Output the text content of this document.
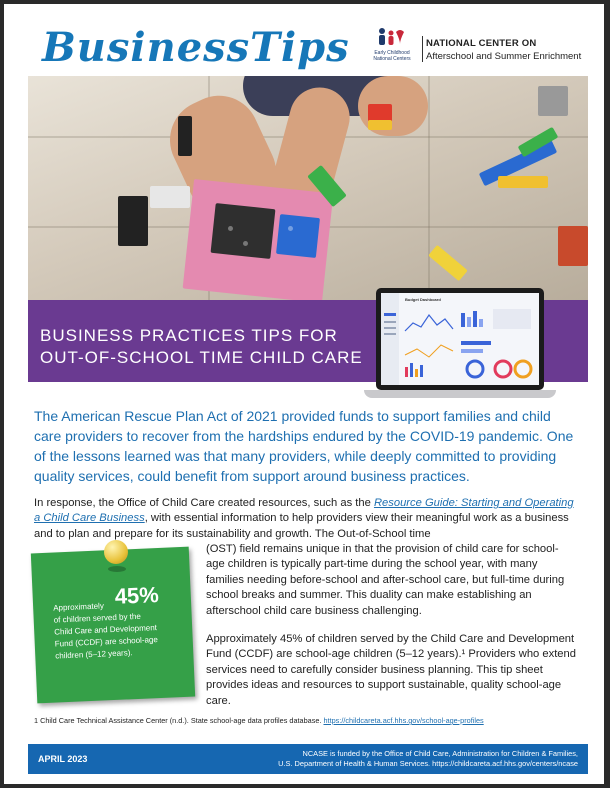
BusinessTips	Early Childhood
National Centers
NATIONAL CENTER ON
Afterschool and Summer Enrichment
BUSINESS PRACTICES TIPS FOR
OUT-OF-SCHOOL TIME CHILD CARE
Budget Dashboard

The American Rescue Plan Act of 2021 provided funds to support families and child care providers to recover from the hardships endured by the COVID-19 pandemic. One of the lessons learned was that many providers, while deeply committed to providing quality services, could benefit from support around business practices.

In response, the Office of Child Care created resources, such as the Resource Guide: Starting and Operating a Child Care Business, with essential information to help providers view their meaningful work as a business and to plan and prepare for its sustainability and growth. The Out-of-School time

(OST) field remains unique in that the provision of child care for school-age children is typically part-time during the school year, with many families needing before-school and after-school care, but full-time during school breaks and summer. This duality can make establishing an afterschool child care business challenging.

Approximately 45% of children served by the Child Care and Development Fund (CCDF) are school-age children (5–12 years).¹ Providers who extend services need to carefully consider business planning. This tip sheet provides ideas and resources to support sustainable, quality school-age care.

Approximately 45%
of children served by the
Child Care and Development
Fund (CCDF) are school-age
children (5–12 years).
1 Child Care Technical Assistance Center (n.d.). State school-age data profiles database. https://childcareta.acf.hhs.gov/school-age-profiles
APRIL 2023
NCASE is funded by the Office of Child Care, Administration for Children & Families,
U.S. Department of Health & Human Services. https://childcareta.acf.hhs.gov/centers/ncase
